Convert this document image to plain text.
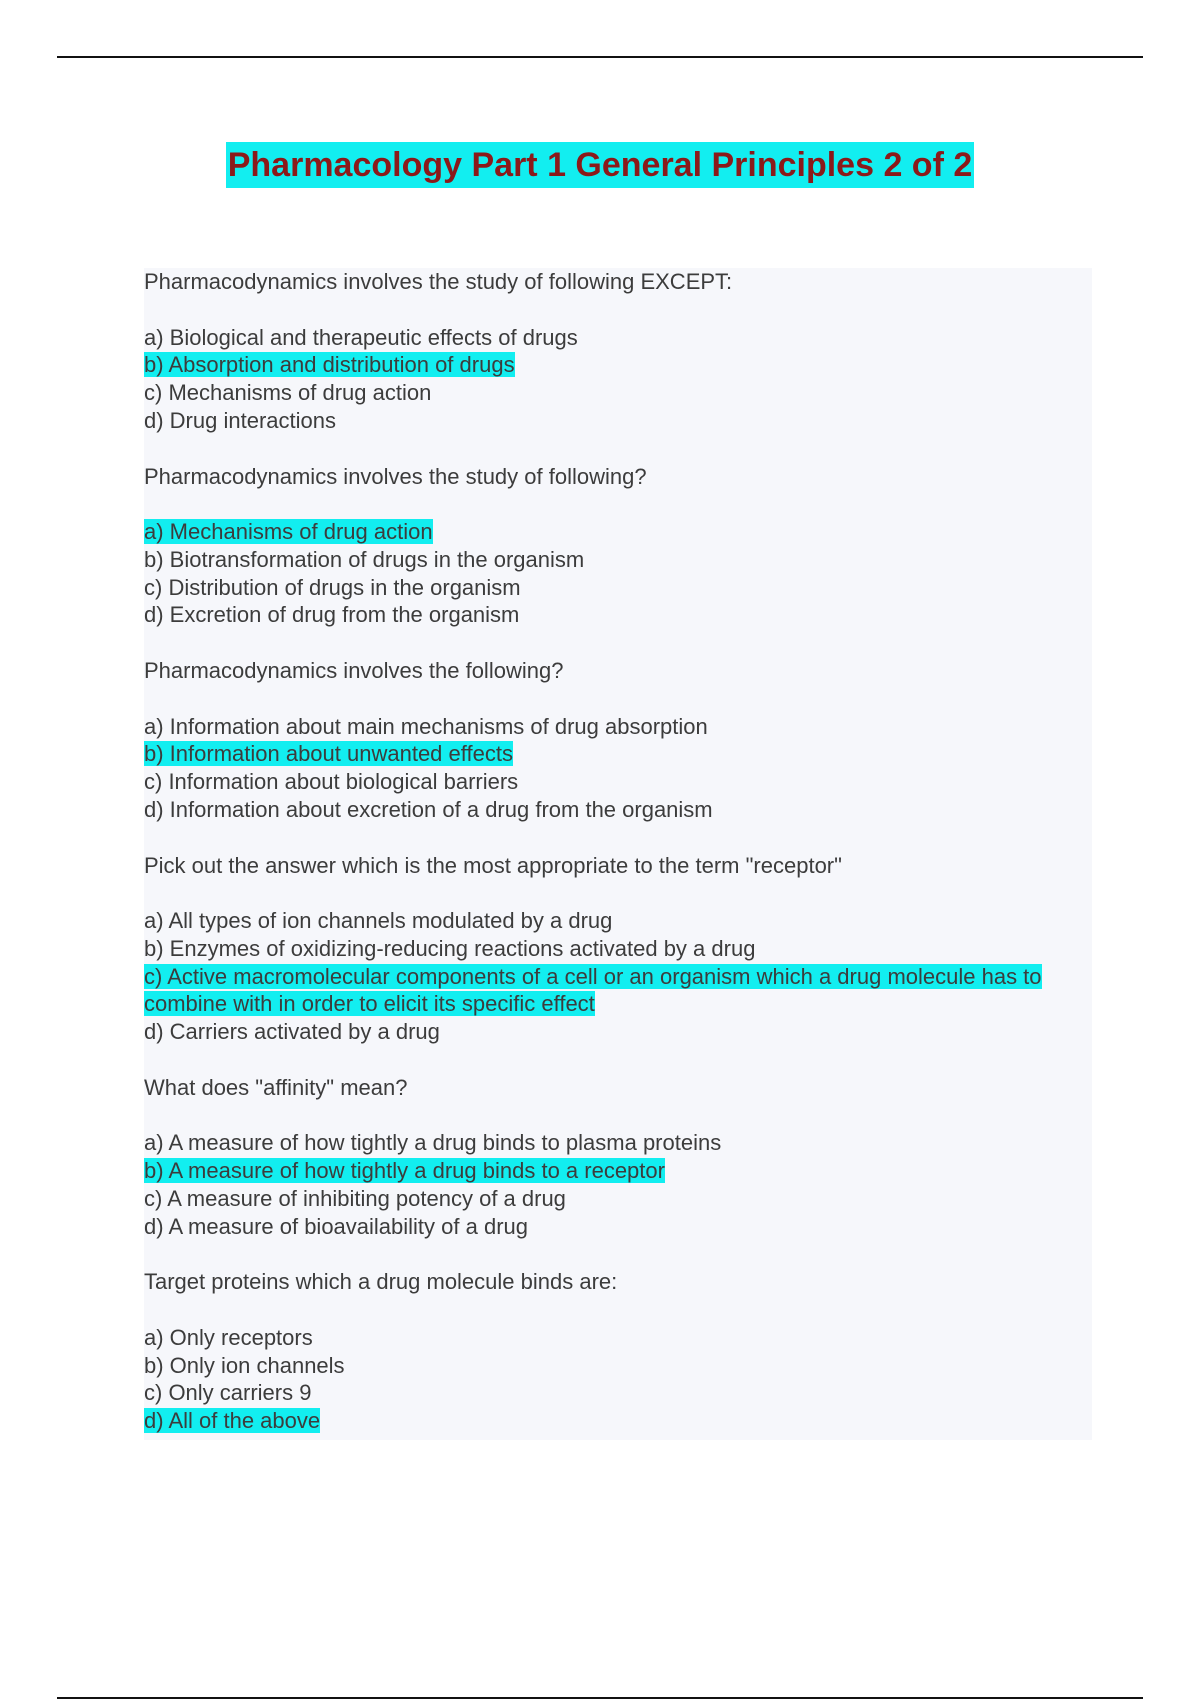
Pharmacology Part 1 General Principles 2 of 2
Pharmacodynamics involves the study of following EXCEPT:
a) Biological and therapeutic effects of drugs
b) Absorption and distribution of drugs
c) Mechanisms of drug action
d) Drug interactions
Pharmacodynamics involves the study of following?
a) Mechanisms of drug action
b) Biotransformation of drugs in the organism
c) Distribution of drugs in the organism
d) Excretion of drug from the organism
Pharmacodynamics involves the following?
a) Information about main mechanisms of drug absorption
b) Information about unwanted effects
c) Information about biological barriers
d) Information about excretion of a drug from the organism
Pick out the answer which is the most appropriate to the term "receptor"
a) All types of ion channels modulated by a drug
b) Enzymes of oxidizing-reducing reactions activated by a drug
c) Active macromolecular components of a cell or an organism which a drug molecule has to combine with in order to elicit its specific effect
d) Carriers activated by a drug
What does "affinity" mean?
a) A measure of how tightly a drug binds to plasma proteins
b) A measure of how tightly a drug binds to a receptor
c) A measure of inhibiting potency of a drug
d) A measure of bioavailability of a drug
Target proteins which a drug molecule binds are:
a) Only receptors
b) Only ion channels
c) Only carriers 9
d) All of the above
